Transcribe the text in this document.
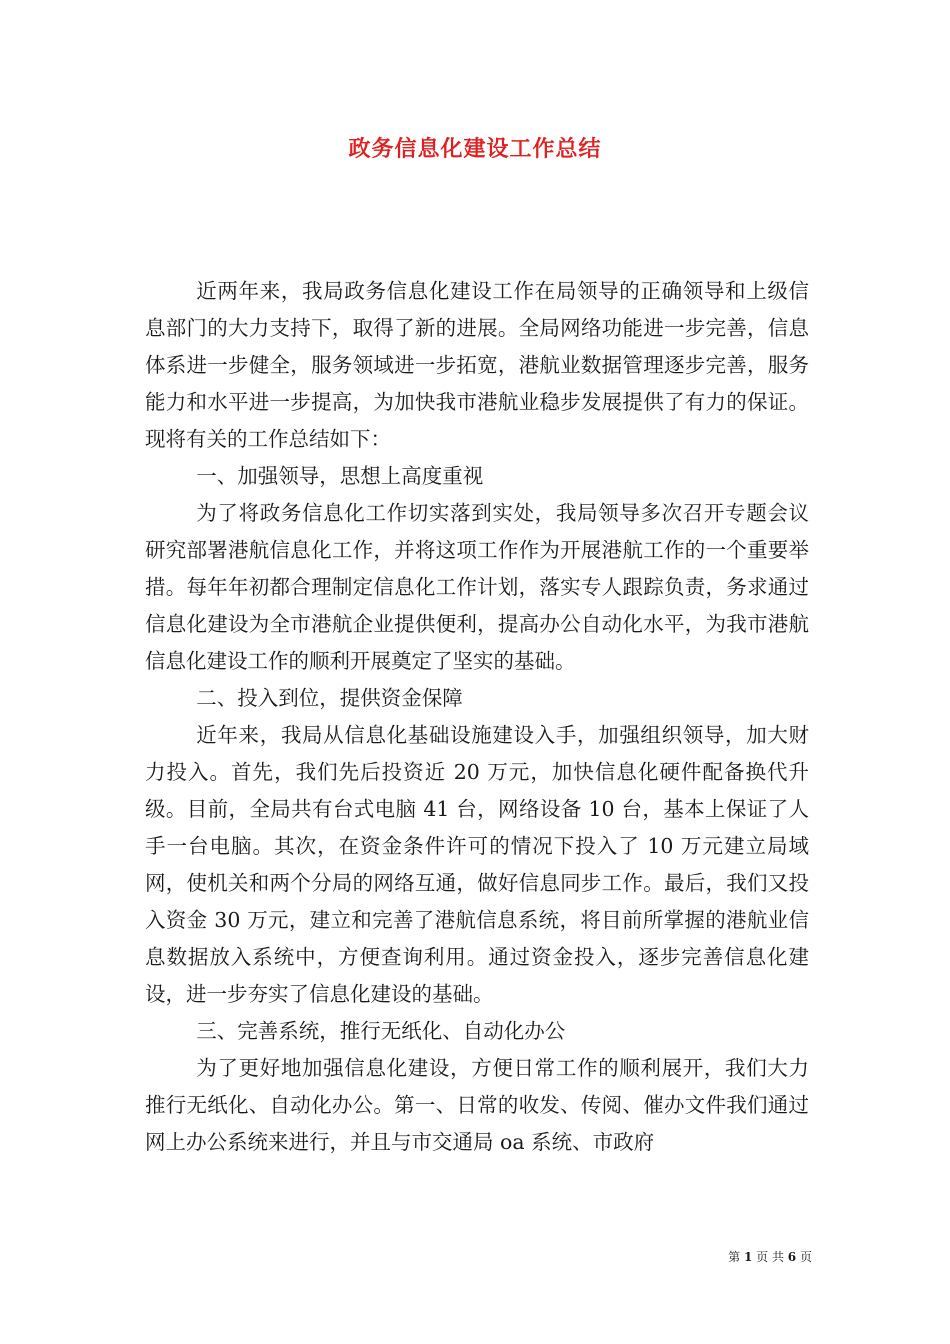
政务信息化建设工作总结

近两年来，我局政务信息化建设工作在局领导的正确领导和上级信息部门的大力支持下，取得了新的进展。全局网络功能进一步完善，信息体系进一步健全，服务领域进一步拓宽，港航业数据管理逐步完善，服务能力和水平进一步提高，为加快我市港航业稳步发展提供了有力的保证。现将有关的工作总结如下：

一、加强领导，思想上高度重视

为了将政务信息化工作切实落到实处，我局领导多次召开专题会议研究部署港航信息化工作，并将这项工作作为开展港航工作的一个重要举措。每年年初都合理制定信息化工作计划，落实专人跟踪负责，务求通过信息化建设为全市港航企业提供便利，提高办公自动化水平，为我市港航信息化建设工作的顺利开展奠定了坚实的基础。

二、投入到位，提供资金保障

近年来，我局从信息化基础设施建设入手，加强组织领导，加大财力投入。首先，我们先后投资近 20 万元，加快信息化硬件配备换代升级。目前，全局共有台式电脑 41 台，网络设备 10 台，基本上保证了人手一台电脑。其次，在资金条件许可的情况下投入了 10 万元建立局域网，使机关和两个分局的网络互通，做好信息同步工作。最后，我们又投入资金 30 万元，建立和完善了港航信息系统，将目前所掌握的港航业信息数据放入系统中，方便查询利用。通过资金投入，逐步完善信息化建设，进一步夯实了信息化建设的基础。

三、完善系统，推行无纸化、自动化办公

为了更好地加强信息化建设，方便日常工作的顺利展开，我们大力推行无纸化、自动化办公。第一、日常的收发、传阅、催办文件我们通过网上办公系统来进行，并且与市交通局 oa 系统、市政府

第 1 页 共 6 页
